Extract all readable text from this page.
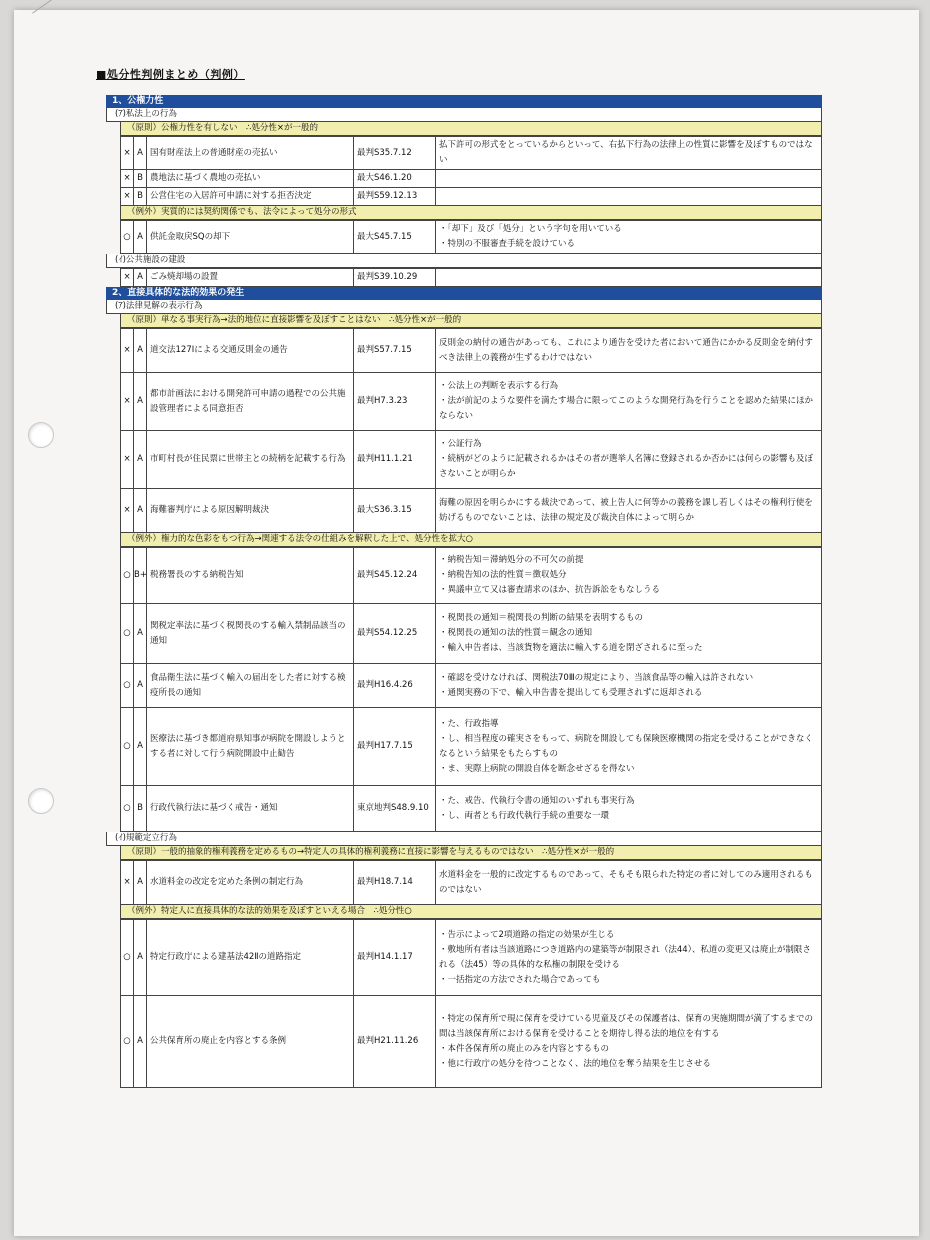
■処分性判例まとめ（判例）
1、公権力性
(ｱ)私法上の行為
（原則）公権力性を有しない　∴処分性×が一般的
×	A	国有財産法上の普通財産の売払い	最判S35.7.12	払下許可の形式をとっているからといって、右払下行為の法律上の性質に影響を及ぼすものではない

×	B	農地法に基づく農地の売払い	最大S46.1.20	
×	B	公営住宅の入居許可申請に対する拒否決定	最判S59.12.13	
（例外）実質的には契約関係でも、法令によって処分の形式
○	A	供託金取戻SQの却下	最大S45.7.15	
・「却下」及び「処分」という字句を用いている
・特別の不服審査手続を設けている
(ｲ)公共施設の建設
×	A	ごみ焼却場の設置	最判S39.10.29	
2、直接具体的な法的効果の発生
(ｱ)法律見解の表示行為
（原則）単なる事実行為→法的地位に直接影響を及ぼすことはない　∴処分性×が一般的
×	A	道交法127Ⅰによる交通反則金の通告	最判S57.7.15	反則金の納付の通告があっても、これにより通告を受けた者において通告にかかる反則金を納付すべき法律上の義務が生ずるわけではない

×	A	都市計画法における開発許可申請の過程での公共施設管理者による同意拒否	最判H7.3.23	・公法上の判断を表示する行為
・法が前記のような要件を満たす場合に限ってこのような開発行為を行うことを認めた結果にほかならない

×	A	市町村長が住民票に世帯主との続柄を記載する行為	最判H11.1.21	・公証行為
・続柄がどのように記載されるかはその者が選挙人名簿に登録されるか否かには何らの影響も及ぼさないことが明らか

×	A	海難審判庁による原因解明裁決	最大S36.3.15	海難の原因を明らかにする裁決であって、被上告人に何等かの義務を課し若しくはその権利行使を妨げるものでないことは、法律の規定及び裁決自体によって明らか
（例外）権力的な色彩をもつ行為→関連する法令の仕組みを解釈した上で、処分性を拡大○
○	B+	税務署長のする納税告知	最判S45.12.24	・納税告知＝滞納処分の不可欠の前提
・納税告知の法的性質＝徴収処分
・異議申立て又は審査請求のほか、抗告訴訟をもなしうる

○	A	関税定率法に基づく税関長のする輸入禁制品該当の通知	最判S54.12.25	・税関長の通知＝税関長の判断の結果を表明するもの
・税関長の通知の法的性質＝観念の通知
・輸入申告者は、当該貨物を適法に輸入する道を閉ざされるに至った

○	A	食品衛生法に基づく輸入の届出をした者に対する検疫所長の通知	最判H16.4.26	・確認を受けなければ、関税法70Ⅲの規定により、当該食品等の輸入は許されない
・通関実務の下で、輸入申告書を提出しても受理されずに返却される

○	A	医療法に基づき都道府県知事が病院を開設しようとする者に対して行う病院開設中止勧告	最判H17.7.15	・た、行政指導
・し、相当程度の確実さをもって、病院を開設しても保険医療機関の指定を受けることができなくなるという結果をもたらすもの
・ま、実際上病院の開設自体を断念せざるを得ない

○	B	行政代執行法に基づく戒告・通知	東京地判S48.9.10	・た、戒告、代執行令書の通知のいずれも事実行為
・し、両者とも行政代執行手続の重要な一環
(ｲ)規範定立行為
（原則）一般的抽象的権利義務を定めるもの→特定人の具体的権利義務に直接に影響を与えるものではない　∴処分性×が一般的
×	A	水道料金の改定を定めた条例の制定行為	最判H18.7.14	
水道料金を一般的に改定するものであって、そもそも限られた特定の者に対してのみ適用されるものではない
（例外）特定人に直接具体的な法的効果を及ぼすといえる場合　∴処分性○
○	A	特定行政庁による建基法42Ⅱの道路指定	最判H14.1.17	・告示によって2項道路の指定の効果が生じる
・敷地所有者は当該道路につき道路内の建築等が制限され（法44）、私道の変更又は廃止が制限される（法45）等の具体的な私権の制限を受ける
・一括指定の方法でされた場合であっても

○	A	公共保育所の廃止を内容とする条例	最判H21.11.26	・特定の保育所で現に保育を受けている児童及びその保護者は、保育の実施期間が満了するまでの間は当該保育所における保育を受けることを期待し得る法的地位を有する
・本件各保育所の廃止のみを内容とするもの
・他に行政庁の処分を待つことなく、法的地位を奪う結果を生じさせる
